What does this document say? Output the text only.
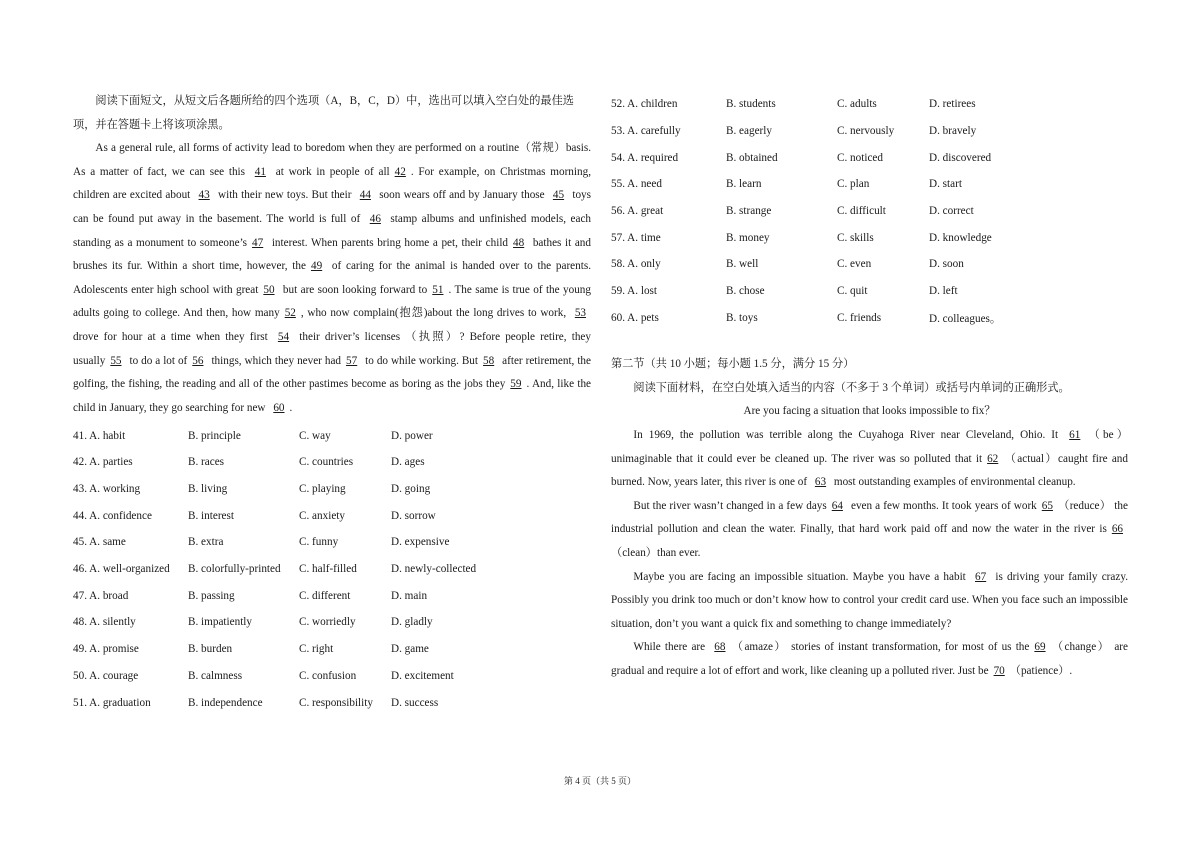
阅读下面短文，从短文后各题所给的四个选项（A，B，C，D）中，选出可以填入空白处的最佳选项，并在答题卡上将该项涂黑。

As a general rule, all forms of activity lead to boredom when they are performed on a routine（常规）basis. As a matter of fact, we can see this 41 at work in people of all 42 . For example, on Christmas morning, children are excited about 43 with their new toys. But their 44 soon wears off and by January those 45 toys can be found put away in the basement. The world is full of 46 stamp albums and unfinished models, each standing as a monument to someone’s 47 interest. When parents bring home a pet, their child 48 bathes it and brushes its fur. Within a short time, however, the 49 of caring for the animal is handed over to the parents. Adolescents enter high school with great 50 but are soon looking forward to 51 . The same is true of the young adults going to college. And then, how many 52 , who now complain(抱怨)about the long drives to work, 53 drove for hour at a time when they first 54 their driver’s licenses （执照）? Before people retire, they usually 55 to do a lot of 56 things, which they never had 57 to do while working. But 58 after retirement, the golfing, the fishing, the reading and all of the other pastimes become as boring as the jobs they 59 . And, like the child in January, they go searching for new 60 .

41. A. habit	B. principle	C. way	D. power
42. A. parties	B. races	C. countries	D. ages
43. A. working	B. living	C. playing	D. going
44. A. confidence	B. interest	C. anxiety	D. sorrow
45. A. same	B. extra	C. funny	D. expensive
46. A. well-organized	B. colorfully-printed	C. half-filled	D. newly-collected
47. A. broad	B. passing	C. different	D. main
48. A. silently	B. impatiently	C. worriedly	D. gladly
49. A. promise	B. burden	C. right	D. game
50. A. courage	B. calmness	C. confusion	D. excitement
51. A. graduation	B. independence	C. responsibility	D. success
52. A. children	B. students	C. adults	D. retirees
53. A. carefully	B. eagerly	C. nervously	D. bravely
54. A. required	B. obtained	C. noticed	D. discovered
55. A. need	B. learn	C. plan	D. start
56. A. great	B. strange	C. difficult	D. correct
57. A. time	B. money	C. skills	D. knowledge
58. A. only	B. well	C. even	D. soon
59. A. lost	B. chose	C. quit	D. left
60. A. pets	B. toys	C. friends	D. colleagues。
第二节（共 10 小题；每小题 1.5 分，满分 15 分）

阅读下面材料，在空白处填入适当的内容（不多于 3 个单词）或括号内单词的正确形式。

Are you facing a situation that looks impossible to fix？

In 1969, the pollution was terrible along the Cuyahoga River near Cleveland, Ohio. It 61 （be）unimaginable that it could ever be cleaned up. The river was so polluted that it 62 （actual）caught fire and burned. Now, years later, this river is one of 63 most outstanding examples of environmental cleanup.

But the river wasn’t changed in a few days 64 even a few months. It took years of work 65 （reduce） the industrial pollution and clean the water. Finally, that hard work paid off and now the water in the river is 66（clean）than ever.

Maybe you are facing an impossible situation. Maybe you have a habit 67 is driving your family crazy. Possibly you drink too much or don’t know how to control your credit card use. When you face such an impossible situation, don’t you want a quick fix and something to change immediately?

While there are 68 （amaze） stories of instant transformation, for most of us the 69 （change） are gradual and require a lot of effort and work, like cleaning up a polluted river. Just be 70 （patience）.

第 4 页（共 5 页）
